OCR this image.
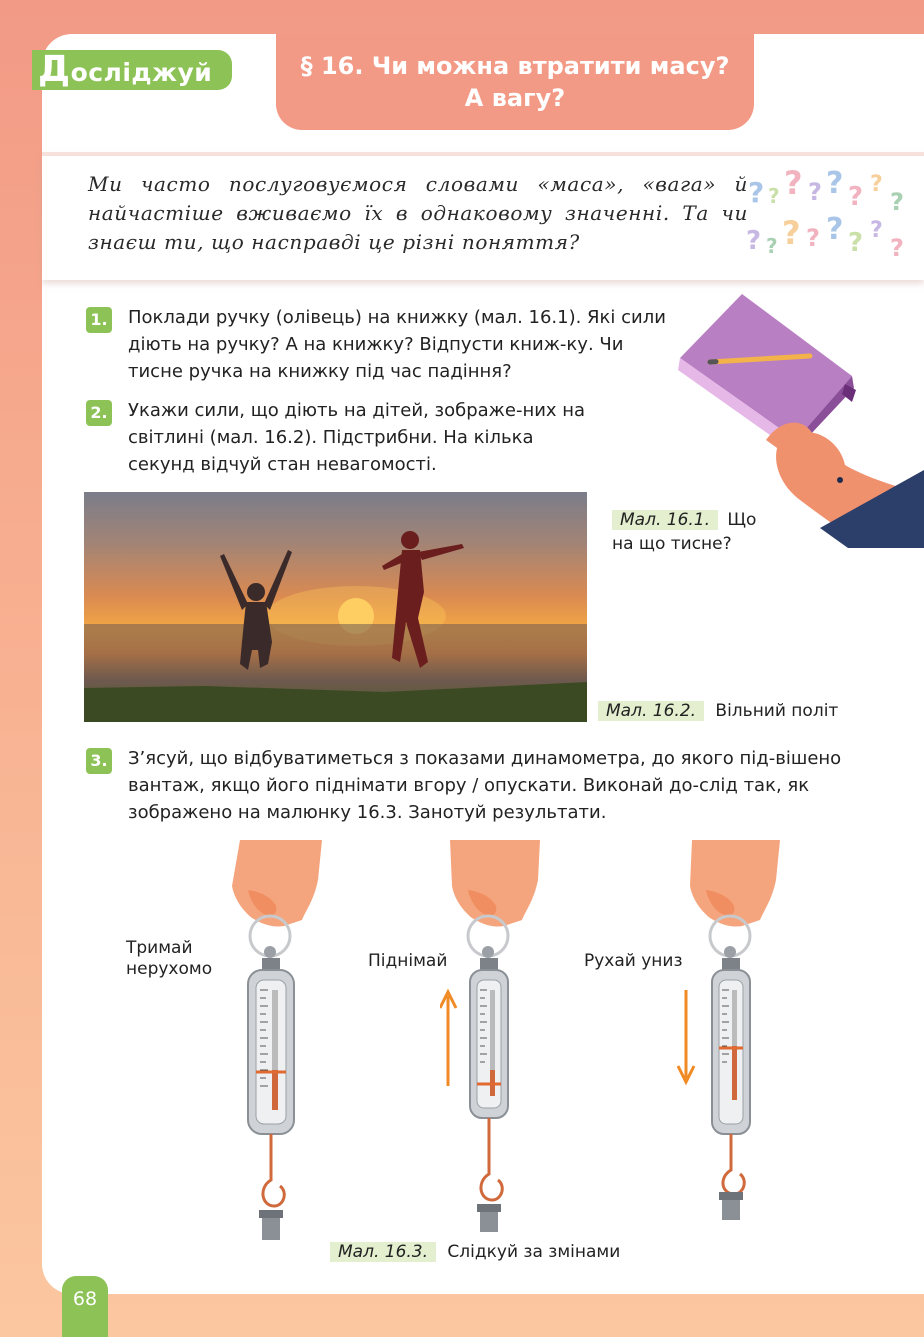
Досліджуй	§ 16. Чи можна втратити масу?
А вагу?
Ми часто послуговуємося словами «маса», «вага» й найчастіше вживаємо їх в однаковому значенні. Та чи знаєш ти, що насправді це різні поняття?
? ? ? ? ? ? ?
?
? ? ? ? ? ? ?
?
1. Поклади ручку (олівець) на книжку (мал. 16.1). Які сили діють на ручку? А на книжку? Відпусти книж-ку. Чи тисне ручка на книжку під час падіння?
2. Укажи сили, що діють на дітей, зображе-них на світлині (мал. 16.2). Підстрибни. На кілька секунд відчуй стан невагомості.
Мал. 16.1. Що на що тисне?
Мал. 16.2. Вільний політ
3. З’ясуй, що відбуватиметься з показами динамометра, до якого під-вішено вантаж, якщо його піднімати вгору / опускати. Виконай до-слід так, як зображено на малюнку 16.3. Занотуй результати.
Тримай нерухомо	Піднімай	Рухай униз
Мал. 16.3. Слідкуй за змінами
68
